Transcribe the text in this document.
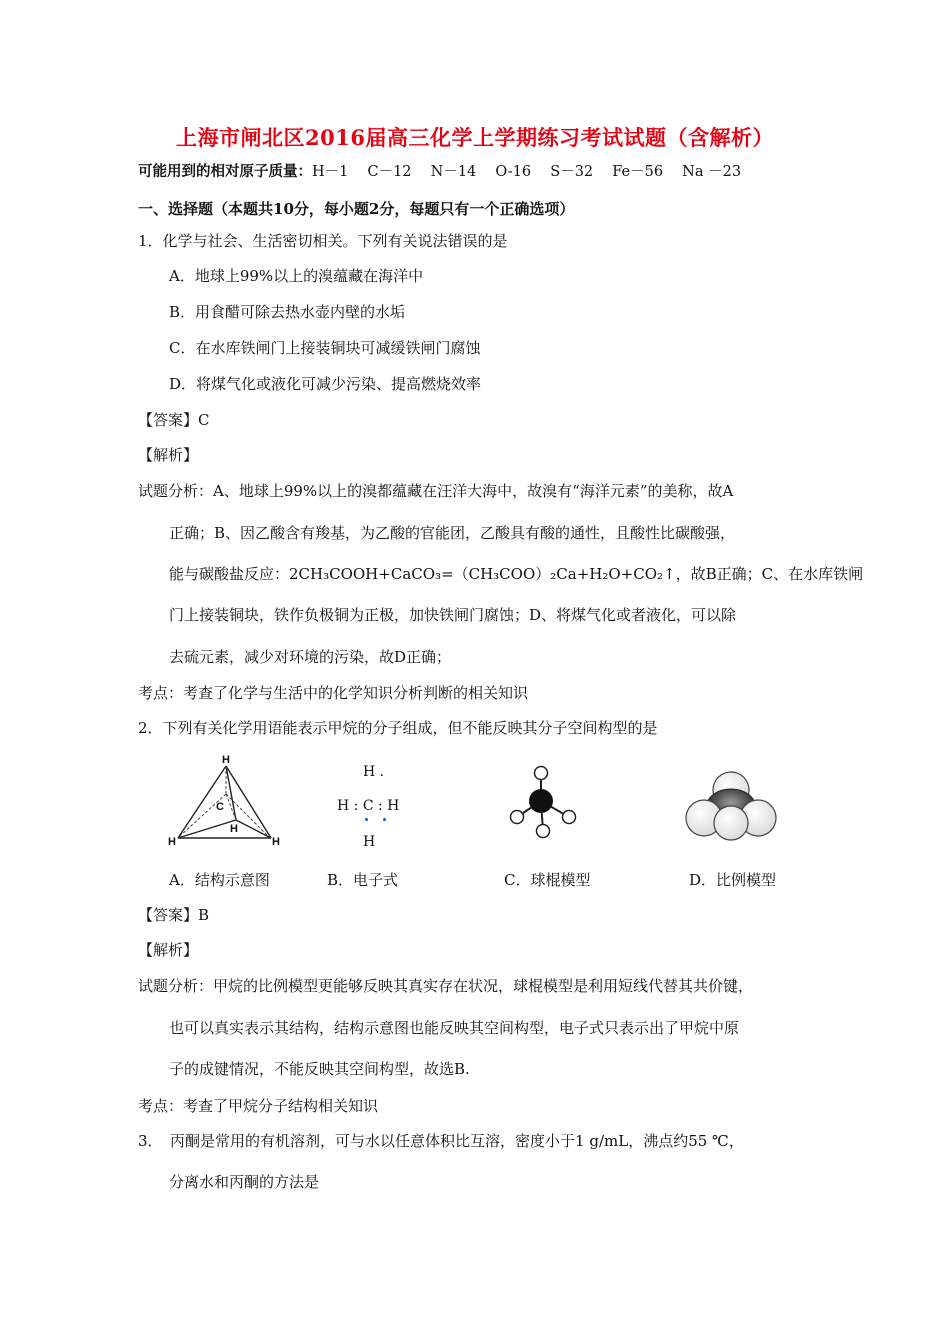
上海市闸北区2016届高三化学上学期练习考试试题（含解析）
可能用到的相对原子质量：H－1　 C－12　 N－14　 O-16　 S－32　 Fe－56　 Na －23
一、选择题（本题共10分，每小题2分，每题只有一个正确选项）
1．化学与社会、生活密切相关。下列有关说法错误的是
A．地球上99%以上的溴蕴藏在海洋中
B．用食醋可除去热水壶内壁的水垢
C．在水库铁闸门上接装铜块可减缓铁闸门腐蚀
D．将煤气化或液化可减少污染、提高燃烧效率
【答案】C
【解析】
试题分析：A、地球上99%以上的溴都蕴藏在汪洋大海中，故溴有“海洋元素”的美称，故A
正确；B、因乙酸含有羧基，为乙酸的官能团，乙酸具有酸的通性，且酸性比碳酸强，
能与碳酸盐反应：2CH₃COOH+CaCO₃=（CH₃COO）₂Ca+H₂O+CO₂↑，故B正确；C、在水库铁闸
门上接装铜块，铁作负极铜为正极，加快铁闸门腐蚀；D、将煤气化或者液化，可以除
去硫元素，减少对环境的污染，故D正确；
考点：考查了化学与生活中的化学知识分析判断的相关知识
2．下列有关化学用语能表示甲烷的分子组成，但不能反映其分子空间构型的是
H
C
H
H
H
H .
H : C : H
H
A．结构示意图	B．电子式	C．球棍模型	D．比例模型
【答案】B
【解析】
试题分析：甲烷的比例模型更能够反映其真实存在状况，球棍模型是利用短线代替其共价键，
也可以真实表示其结构，结构示意图也能反映其空间构型，电子式只表示出了甲烷中原
子的成键情况，不能反映其空间构型，故选B.
考点：考查了甲烷分子结构相关知识
3．　丙酮是常用的有机溶剂，可与水以任意体积比互溶，密度小于1 g/mL，沸点约55 ℃，
分离水和丙酮的方法是
